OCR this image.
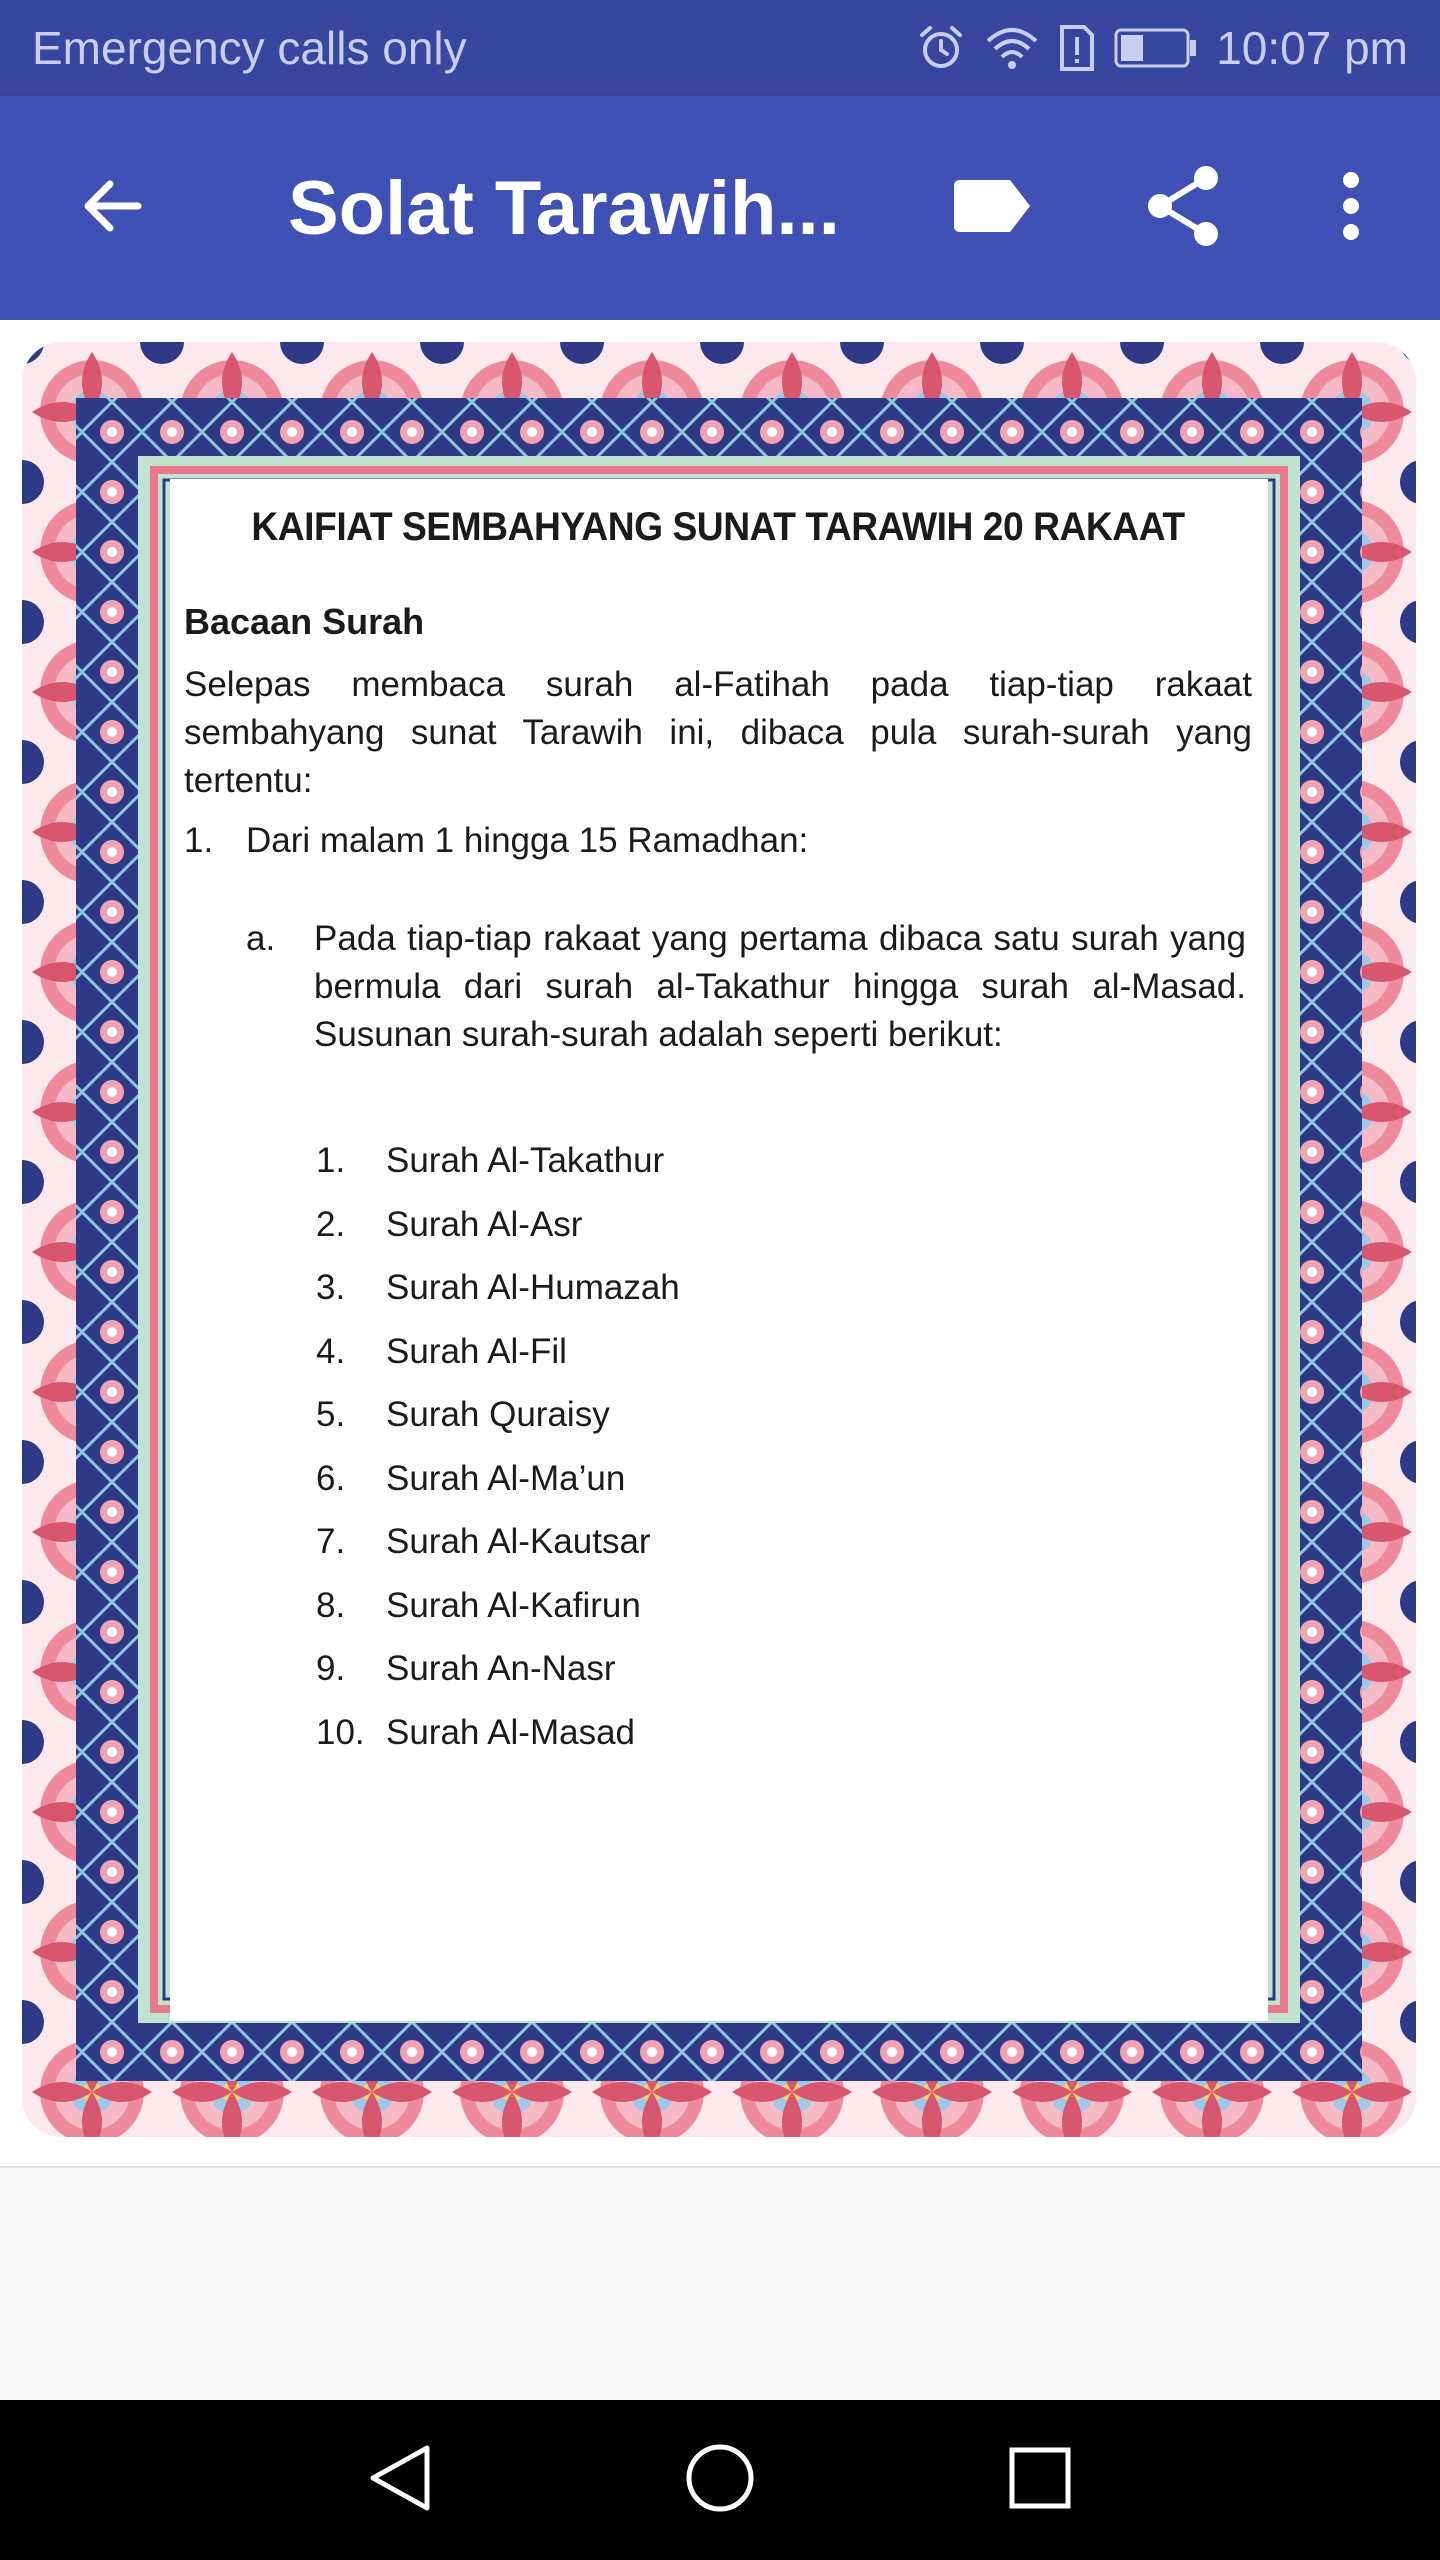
Emergency calls only	10:07 pm
Solat Tarawih...
KAIFIAT SEMBAHYANG SUNAT TARAWIH 20 RAKAAT
Bacaan Surah
Selepas membaca surah al-Fatihah pada tiap-tiap rakaat sembahyang sunat Tarawih ini, dibaca pula surah-surah yang tertentu:
1. Dari malam 1 hingga 15 Ramadhan:
a. Pada tiap-tiap rakaat yang pertama dibaca satu surah yang bermula dari surah al-Takathur hingga surah al-Masad. Susunan surah-surah adalah seperti berikut:
1.	Surah Al-Takathur
2.	Surah Al-Asr
3.	Surah Al-Humazah
4.	Surah Al-Fil
5.	Surah Quraisy
6.	Surah Al-Ma’un
7.	Surah Al-Kautsar
8.	Surah Al-Kafirun
9.	Surah An-Nasr
10. Surah Al-Masad
